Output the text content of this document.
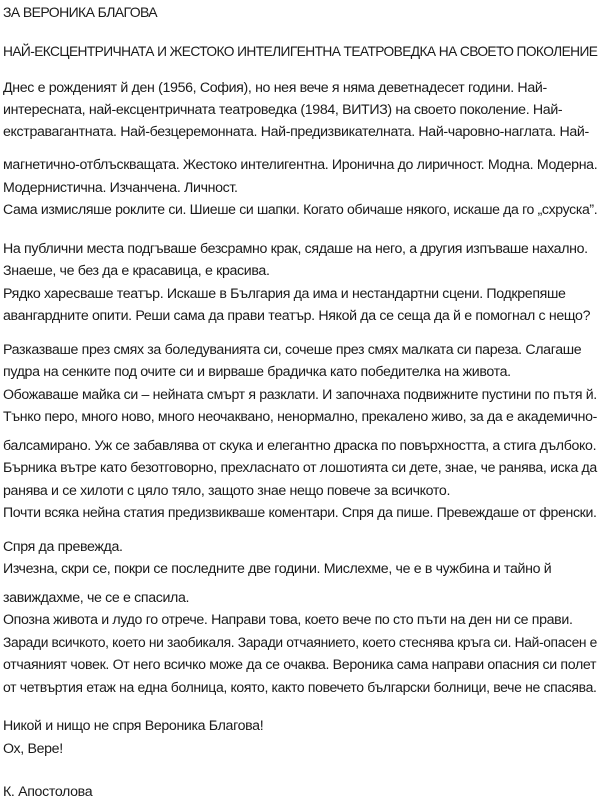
ЗА ВЕРОНИКА БЛАГОВА
НАЙ-ЕКСЦЕНТРИЧНАТА И ЖЕСТОКО ИНТЕЛИГЕНТНА ТЕАТРОВЕДКА НА СВОЕТО ПОКОЛЕНИЕ
Днес е рожденият й ден (1956, София), но нея вече я няма деветнадесет години. Най-
интересната, най-ексцентричната театроведка (1984, ВИТИЗ) на своето поколение. Най-
екстравагантната. Най-безцеремонната. Най-предизвикателната. Най-чаровно-наглата. Най-
магнетично-отблъскващата. Жестоко интелигентна. Иронична до лиричност. Модна. Модерна.
Модернистична. Изчанчена. Личност.
Сама измисляше роклите си. Шиеше си шапки. Когато обичаше някого, искаше да го „схруска”.
На публични места подгъваше безсрамно крак, сядаше на него, а другия изпъваше нахално.
Знаеше, че без да е красавица, е красива.
Рядко харесваше театър. Искаше в България да има и нестандартни сцени. Подкрепяше
авангардните опити. Реши сама да прави театър. Някой да се сеща да й е помогнал с нещо?
Разказваше през смях за боледуванията си, сочеше през смях малката си пареза. Слагаше
пудра на сенките под очите си и вирваше брадичка като победителка на живота.
Обожаваше майка си – нейната смърт я разклати. И започнаха подвижните пустини по пътя й.
Тънко перо, много ново, много неочаквано, ненормално, прекалено живо, за да е академично-
балсамирано. Уж се забавлява от скука и елегантно драска по повърхността, а стига дълбоко.
Бърника вътре като безотговорно, прехласнато от лошотията си дете, знае, че ранява, иска да
ранява и се хилоти с цяло тяло, защото знае нещо повече за всичкото.
Почти всяка нейна статия предизвикваше коментари. Спря да пише. Превеждаше от френски.
Спря да превежда.
Изчезна, скри се, покри се последните две години. Мислехме, че е в чужбина и тайно й
завиждахме, че се е спасила.
Опозна живота и лудо го отрече. Направи това, което вече по сто пъти на ден ни се прави.
Заради всичкото, което ни заобикаля. Заради отчаянието, което стеснява кръга си. Най-опасен е
отчаяният човек. От него всичко може да се очаква. Вероника сама направи опасния си полет
от четвъртия етаж на една болница, която, както повечето български болници, вече не спасява.
Никой и нищо не спря Вероника Благова!
Ох, Вере!
К. Апостолова
